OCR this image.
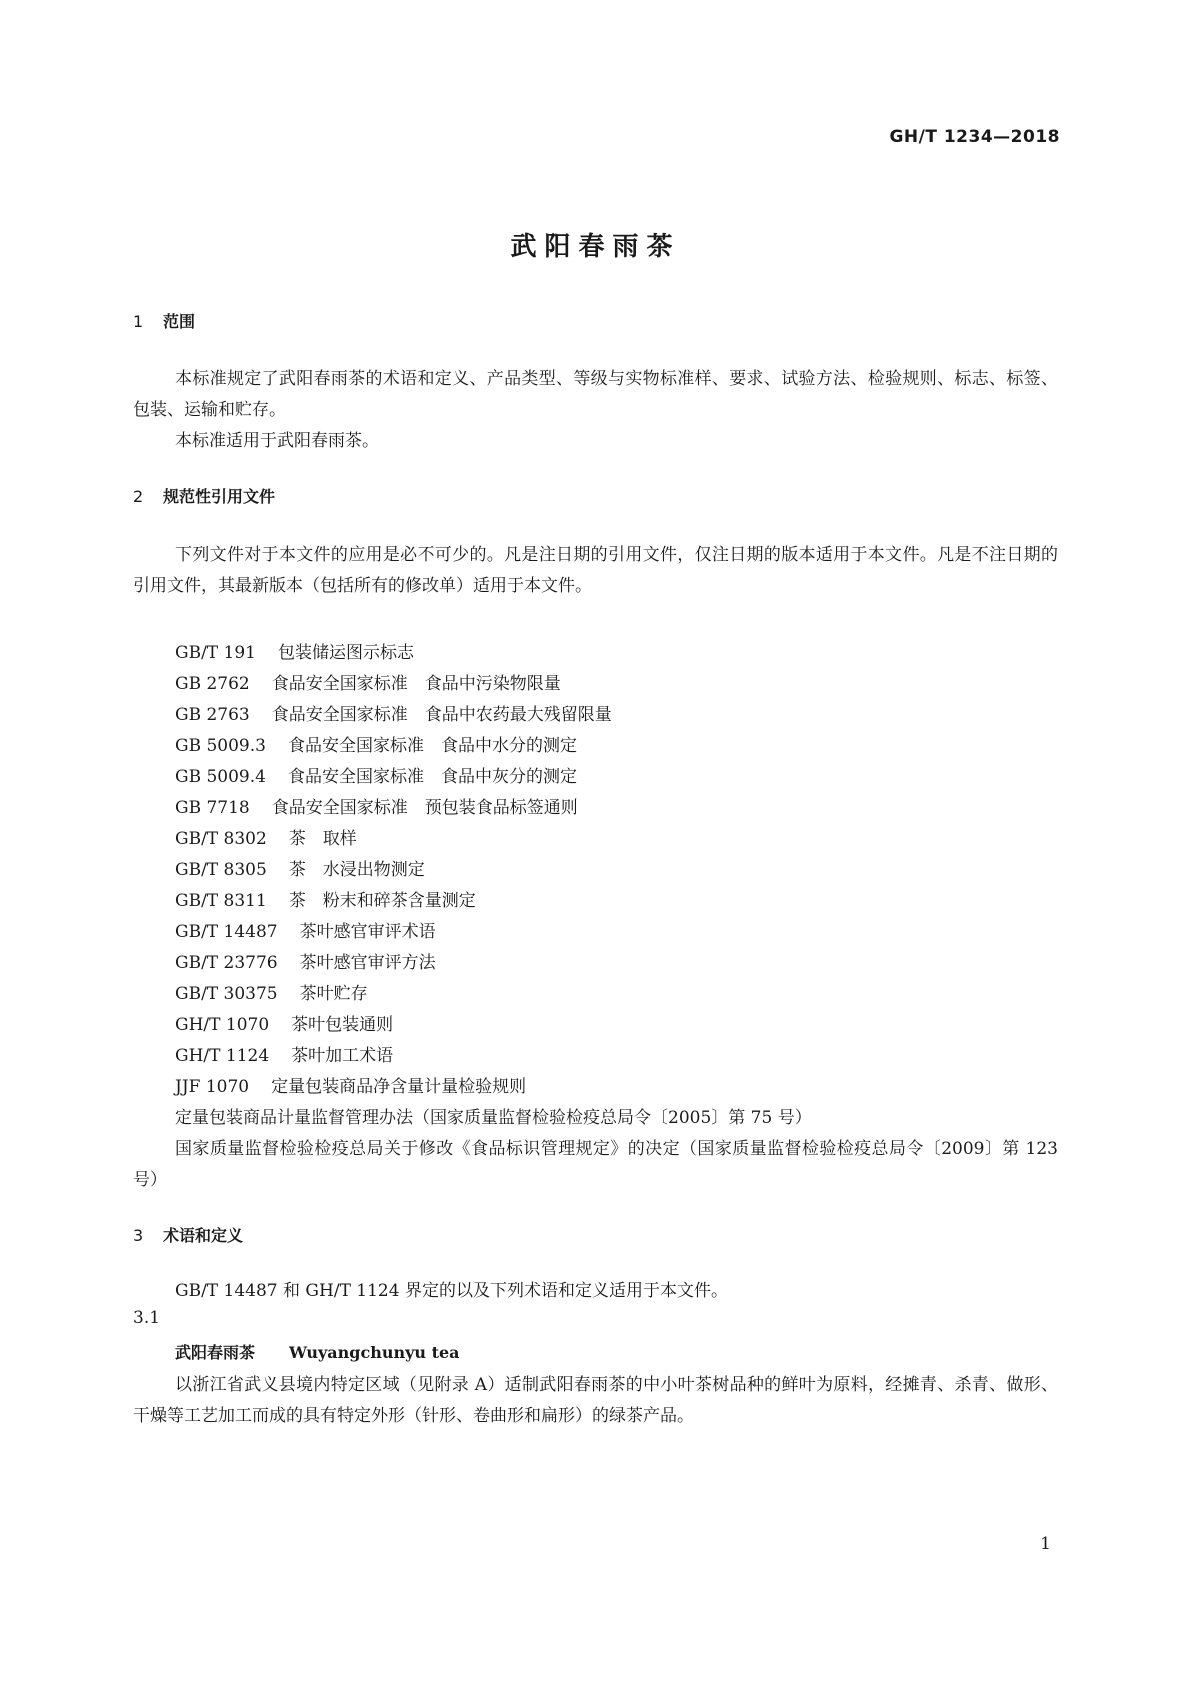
GH/T 1234—2018
武阳春雨茶
1 范围

本标准规定了武阳春雨茶的术语和定义、产品类型、等级与实物标准样、要求、试验方法、检验规则、标志、标签、包装、运输和贮存。

本标准适用于武阳春雨茶。

2 规范性引用文件

下列文件对于本文件的应用是必不可少的。凡是注日期的引用文件，仅注日期的版本适用于本文件。凡是不注日期的引用文件，其最新版本（包括所有的修改单）适用于本文件。

GB/T 191 包装储运图示标志
GB 2762 食品安全国家标准　食品中污染物限量
GB 2763 食品安全国家标准　食品中农药最大残留限量
GB 5009.3 食品安全国家标准　食品中水分的测定
GB 5009.4 食品安全国家标准　食品中灰分的测定
GB 7718 食品安全国家标准　预包装食品标签通则
GB/T 8302 茶　取样
GB/T 8305 茶　水浸出物测定
GB/T 8311 茶　粉末和碎茶含量测定
GB/T 14487 茶叶感官审评术语
GB/T 23776 茶叶感官审评方法
GB/T 30375 茶叶贮存
GH/T 1070 茶叶包装通则
GH/T 1124 茶叶加工术语
JJF 1070 定量包装商品净含量计量检验规则

定量包装商品计量监督管理办法（国家质量监督检验检疫总局令〔2005〕第 75 号）

国家质量监督检验检疫总局关于修改《食品标识管理规定》的决定（国家质量监督检验检疫总局令〔2009〕第 123 号）

3 术语和定义

GB/T 14487 和 GH/T 1124 界定的以及下列术语和定义适用于本文件。

3.1
武阳春雨茶 Wuyangchunyu tea

以浙江省武义县境内特定区域（见附录 A）适制武阳春雨茶的中小叶茶树品种的鲜叶为原料，经摊青、杀青、做形、干燥等工艺加工而成的具有特定外形（针形、卷曲形和扁形）的绿茶产品。

1
